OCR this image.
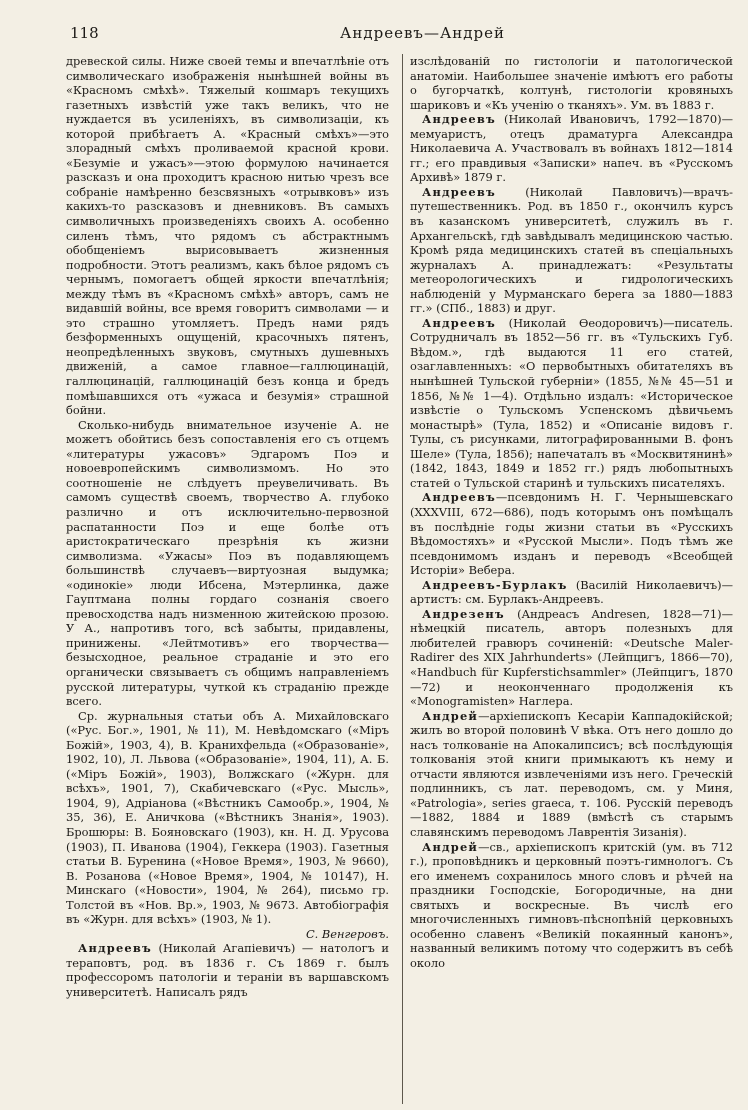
118	Андреевъ—Андрей

древеской силы. Ниже своей темы и впечатлѣніе отъ символическаго изображенія нынѣшней войны въ «Красномъ смѣхѣ». Тяжелый кошмаръ текущихъ газетныхъ извѣстій уже такъ великъ, что не нуждается въ усиленіяхъ, въ символизаціи, къ которой прибѣгаетъ А. «Красный смѣхъ»—это злорадный смѣхъ проливаемой красной крови. «Безуміе и ужасъ»—этою формулою начинается разсказъ и она проходитъ красною нитью чрезъ все собраніе намѣренно безсвязныхъ «отрывковъ» изъ какихъ-то разсказовъ и дневниковъ. Въ самыхъ символичныхъ произведеніяхъ своихъ А. особенно силенъ тѣмъ, что рядомъ съ абстрактнымъ обобщеніемъ вырисовываетъ жизненныя подробности. Этотъ реализмъ, какъ бѣлое рядомъ съ чернымъ, помогаетъ общей яркости впечатлѣнія; между тѣмъ въ «Красномъ смѣхѣ» авторъ, самъ не видавшій войны, все время говоритъ символами — и это страшно утомляетъ. Предъ нами рядъ безформенныхъ ощущеній, красочныхъ пятенъ, неопредѣленныхъ звуковъ, смутныхъ душевныхъ движеній, а самое главное—галлюцинацій, галлюцинацій, галлюцинацій безъ конца и бредъ помѣшавшихся отъ «ужаса и безумія» страшной бойни.

Сколько-нибудь внимательное изученіе А. не можетъ обойтись безъ сопоставленія его съ отцемъ «литературы ужасовъ» Эдгаромъ Поэ и новоевропейскимъ символизмомъ. Но это соотношеніе не слѣдуетъ преувеличивать. Въ самомъ существѣ своемъ, творчество А. глубоко различно и отъ исключительно-первозной распатанности Поэ и еще болѣе отъ аристократическаго презрѣнія къ жизни символизма. «Ужасы» Поэ въ подавляющемъ большинствѣ случаевъ—виртуозная выдумка; «одинокіе» люди Ибсена, Мэтерлинка, даже Гауптмана полны гордаго сознанія своего превосходства надъ низменною житейскою прозою. У А., напротивъ того, всѣ забыты, придавлены, принижены. «Лейтмотивъ» его творчества—безысходное, реальное страданіе и это его органически связываетъ съ общимъ направленіемъ русской литературы, чуткой къ страданію прежде всего.

Ср. журнальныя статьи объ А. Михайловскаго («Рус. Бог.», 1901, № 11), М. Невѣдомскаго («Міръ Божій», 1903, 4), В. Кранихфельда («Образованіе», 1902, 10), Л. Львова («Образованіе», 1904, 11), А. Б. («Міръ Божій», 1903), Волжскаго («Журн. для всѣхъ», 1901, 7), Скабичевскаго («Рус. Мысль», 1904, 9), Адріанова («Вѣстникъ Самообр.», 1904, № 35, 36), Е. Аничкова («Вѣстникъ Знанія», 1903). Брошюры: В. Бояновскаго (1903), кн. Н. Д. Урусова (1903), П. Иванова (1904), Геккера (1903). Газетныя статьи В. Буренина («Новое Время», 1903, № 9660), В. Розанова («Новое Время», 1904, № 10147), Н. Минскаго («Новости», 1904, № 264), письмо гр. Толстой въ «Нов. Вр.», 1903, № 9673. Автобіографія въ «Журн. для всѣхъ» (1903, № 1).

С. Венгеровъ.

Андреевъ (Николай Агапіевичъ) — натологъ и тераповтъ, род. въ 1836 г. Съ 1869 г. былъ профессоромъ патологіи и тераніи въ варшавскомъ университетѣ. Написалъ рядъ

изслѣдованій по гистологіи и патологической анатоміи. Наибольшее значеніе имѣютъ его работы о бугорчаткѣ, колтунѣ, гистологіи кровяныхъ шариковъ и «Къ ученію о тканяхъ». Ум. въ 1883 г.

Андреевъ (Николай Ивановичъ, 1792—1870)—мемуаристъ, отецъ драматурга Александра Николаевича А. Участвовалъ въ войнахъ 1812—1814 гг.; его правдивыя «Записки» напеч. въ «Русскомъ Архивѣ» 1879 г.

Андреевъ	(Николай Павловичъ)—врачъ-путешественникъ. Род. въ 1850 г., окончилъ курсъ въ казанскомъ университетѣ, служилъ въ г. Архангельскѣ, гдѣ завѣдывалъ медицинскою частью. Кромѣ ряда медицинскихъ статей въ спеціальныхъ журналахъ А. принадлежатъ: «Результаты метеорологическихъ и гидрологическихъ наблюденій у Мурманскаго берега за 1880—1883 гг.» (СПб., 1883) и друг.

Андреевъ (Николай Ѳеодоровичъ)—писатель. Сотрудничалъ въ 1852—56 гг. въ «Тульскихъ Губ. Вѣдом.», гдѣ выдаются 11 его статей, озаглавленныхъ: «О первобытныхъ обитателяхъ въ нынѣшней Тульской губерніи» (1855, №№ 45—51 и 1856, №№ 1—4). Отдѣльно издалъ: «Историческое извѣстіе о Тульскомъ Успенскомъ дѣвичьемъ монастырѣ» (Тула, 1852) и «Описаніе видовъ г. Тулы, съ рисунками, литографированными В. фонъ Шеле» (Тула, 1856); напечаталъ въ «Москвитянинѣ» (1842, 1843, 1849 и 1852 гг.) рядъ любопытныхъ статей о Тульской старинѣ и тульскихъ писателяхъ.

Андреевъ—псевдонимъ Н. Г. Чернышевскаго (XXXVIII, 672—686), подъ которымъ онъ помѣщалъ въ послѣдніе годы жизни статьи въ «Русскихъ Вѣдомостяхъ» и «Русской Мысли». Подъ тѣмъ же псевдонимомъ изданъ и переводъ «Всеобщей Исторіи» Вебера.

Андреевъ-Бурлакъ (Василій Николаевичъ)—артистъ: см. Бурлакъ-Андреевъ.

Андрезенъ (Андреасъ Andresen, 1828—71)—нѣмецкій писатель, авторъ полезныхъ для любителей гравюръ сочиненій: «Deutsche Maler-Radirer des XIX Jahrhunderts» (Лейпцигъ, 1866—70), «Handbuch für Kupferstichsammler» (Лейпцигъ, 1870—72) и неоконченнаго продолженія къ «Monogramisten» Нaглера.

Андрей—архіепископъ Кесаріи Каппадокійской; жилъ во второй половинѣ V вѣка. Отъ него дошло до насъ толкованіе на Апокалипсисъ; всѣ послѣдующія толкованія этой книги примыкаютъ къ нему и отчасти являются извлеченіями изъ него. Греческій подлинникъ, съ лат. переводомъ, см. у Миня, «Patrologia», series graeca, т. 106. Русскій переводъ—1882, 1884 и 1889 (вмѣстѣ съ старымъ славянскимъ переводомъ Лаврентія Зизанія).

Андрей—св., архіепископъ критскій (ум. въ 712 г.), проповѣдникъ и церковный поэтъ-гимнологъ. Съ его именемъ сохранилось много словъ и рѣчей на праздники Господскіе, Богородичные, на дни святыхъ и воскресные. Въ числѣ его многочисленныхъ гимновъ-пѣснопѣній церковныхъ особенно славенъ «Великій покаянный канонъ», названный великимъ потому что содержитъ въ себѣ около
